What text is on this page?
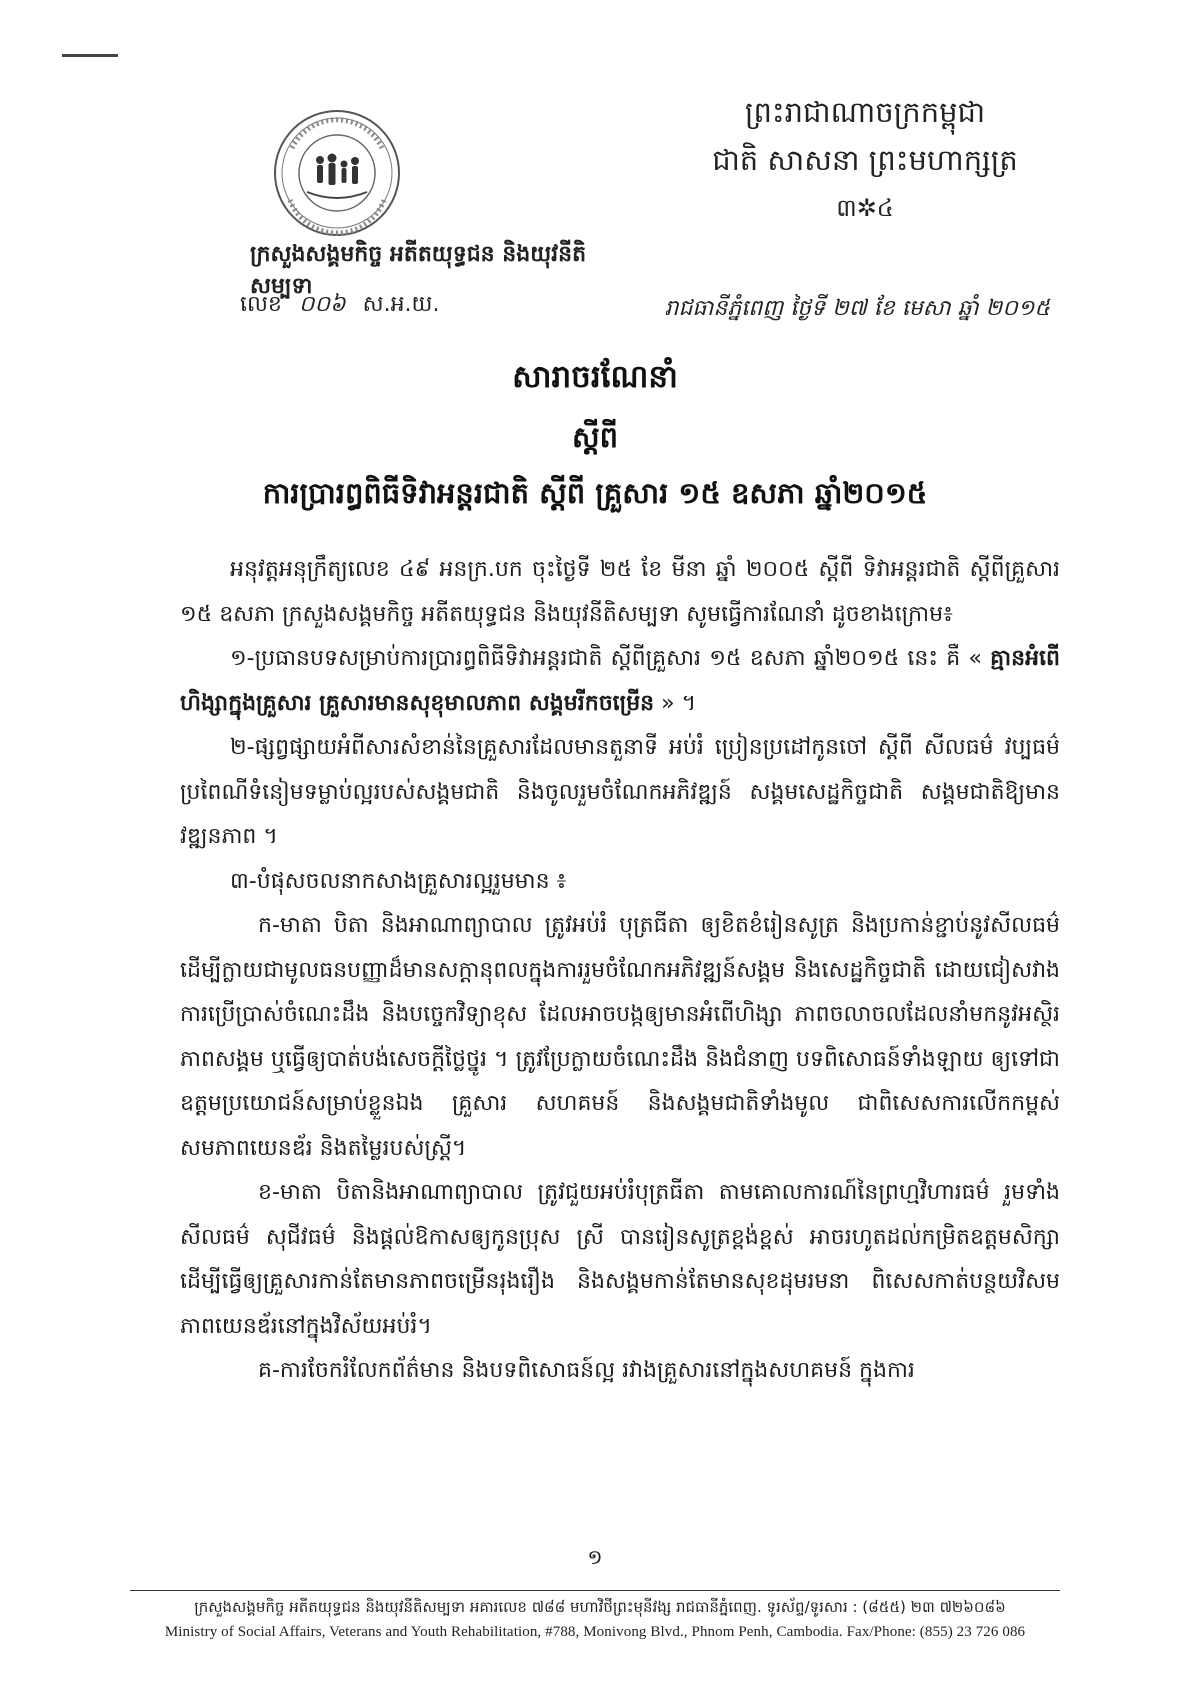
ព្រះរាជាណាចក្រកម្ពុជា
ជាតិ សាសនា ព្រះមហាក្សត្រ
៣✲៤
ក្រសួងសង្គមកិច្ច អតីតយុទ្ធជន និងយុវនីតិសម្បទា
លេខ ០០៦ ស.អ.យ.	រាជធានីភ្នំពេញ ថ្ងៃទី ២៧ ខែ មេសា ឆ្នាំ ២០១៥
សារាចរណែនាំ
ស្តីពី
ការប្រារព្ធពិធីទិវាអន្តរជាតិ ស្តីពី គ្រួសារ ១៥ ឧសភា ឆ្នាំ២០១៥

អនុវត្តអនុក្រឹត្យលេខ ៤៩ អនក្រ.បក ចុះថ្ងៃទី ២៥ ខែ មីនា ឆ្នាំ ២០០៥ ស្តីពី ទិវាអន្តរជាតិ ស្តីពីគ្រួសារ ១៥ ឧសភា ក្រសួងសង្គមកិច្ច អតីតយុទ្ធជន និងយុវនីតិសម្បទា សូមធ្វើការណែនាំ ដូចខាងក្រោម៖

១-ប្រធានបទសម្រាប់ការប្រារព្ធពិធីទិវាអន្តរជាតិ ស្តីពីគ្រួសារ ១៥ ឧសភា ឆ្នាំ២០១៥ នេះ គឺ « គ្មានអំពើហិង្សាក្នុងគ្រួសារ គ្រួសារមានសុខុមាលភាព សង្គមរីកចម្រើន » ។

២-ផ្សព្វផ្សាយអំពីសារសំខាន់នៃគ្រួសារដែលមានតួនាទី អប់រំ ប្រៀនប្រដៅកូនចៅ ស្តីពី សីលធម៌ វប្បធម៌ ប្រពៃណីទំនៀមទម្លាប់ល្អរបស់សង្គមជាតិ និងចូលរួមចំណែកអភិវឌ្ឍន៍ សង្គមសេដ្ឋកិច្ចជាតិ សង្គមជាតិឱ្យមានវឌ្ឍនភាព ។

៣-បំផុសចលនាកសាងគ្រួសារល្អរួមមាន ៖

ក-មាតា បិតា និងអាណាព្យាបាល ត្រូវអប់រំ បុត្រធីតា ឲ្យខិតខំរៀនសូត្រ និងប្រកាន់ខ្ជាប់នូវសីលធម៌ ដើម្បីក្លាយជាមូលធនបញ្ញាដ៏មានសក្តានុពលក្នុងការរួមចំណែកអភិវឌ្ឍន៍សង្គម និងសេដ្ឋកិច្ចជាតិ ដោយជៀសវាងការប្រើប្រាស់ចំណេះដឹង និងបច្ចេកវិទ្យាខុស ដែលអាចបង្កឲ្យមានអំពើហិង្សា ភាពចលាចលដែលនាំមកនូវអស្ថិរភាពសង្គម ឬធ្វើឲ្យបាត់បង់សេចក្តីថ្លៃថ្នូរ ។ ត្រូវប្រែក្លាយចំណេះដឹង និងជំនាញ បទពិសោធន៍ទាំងឡាយ ឲ្យទៅជាឧត្តមប្រយោជន៍សម្រាប់ខ្លួនឯង គ្រួសារ សហគមន៍ និងសង្គមជាតិទាំងមូល ជាពិសេសការលើកកម្ពស់សមភាពយេនឌ័រ និងតម្លៃរបស់ស្ត្រី។

ខ-មាតា បិតានិងអាណាព្យាបាល ត្រូវជួយអប់រំបុត្រធីតា តាមគោលការណ៍នៃព្រហ្មវិហារធម៌ រួមទាំងសីលធម៌ សុជីវធម៌ និងផ្តល់ឱកាសឲ្យកូនប្រុស ស្រី បានរៀនសូត្រខ្ពង់ខ្ពស់ អាចរហូតដល់កម្រិតឧត្តមសិក្សា ដើម្បីធ្វើឲ្យគ្រួសារកាន់តែមានភាពចម្រើនរុងរឿង និងសង្គមកាន់តែមានសុខដុមរមនា ពិសេសកាត់បន្ថយវិសមភាពយេនឌ័រនៅក្នុងវិស័យអប់រំ។

គ-ការចែករំលែកព័ត៌មាន និងបទពិសោធន៍ល្អ រវាងគ្រួសារនៅក្នុងសហគមន៍ ក្នុងការ

១
ក្រសួងសង្គមកិច្ច អតីតយុទ្ធជន និងយុវនីតិសម្បទា អគារលេខ ៧៨៨ មហាវិថីព្រះមុនីវង្ស រាជធានីភ្នំពេញ. ទូរស័ព្ទ/ទូរសារ : (៨៥៥) ២៣ ៧២៦០៨៦
Ministry of Social Affairs, Veterans and Youth Rehabilitation, #788, Monivong Blvd., Phnom Penh, Cambodia. Fax/Phone: (855) 23 726 086
